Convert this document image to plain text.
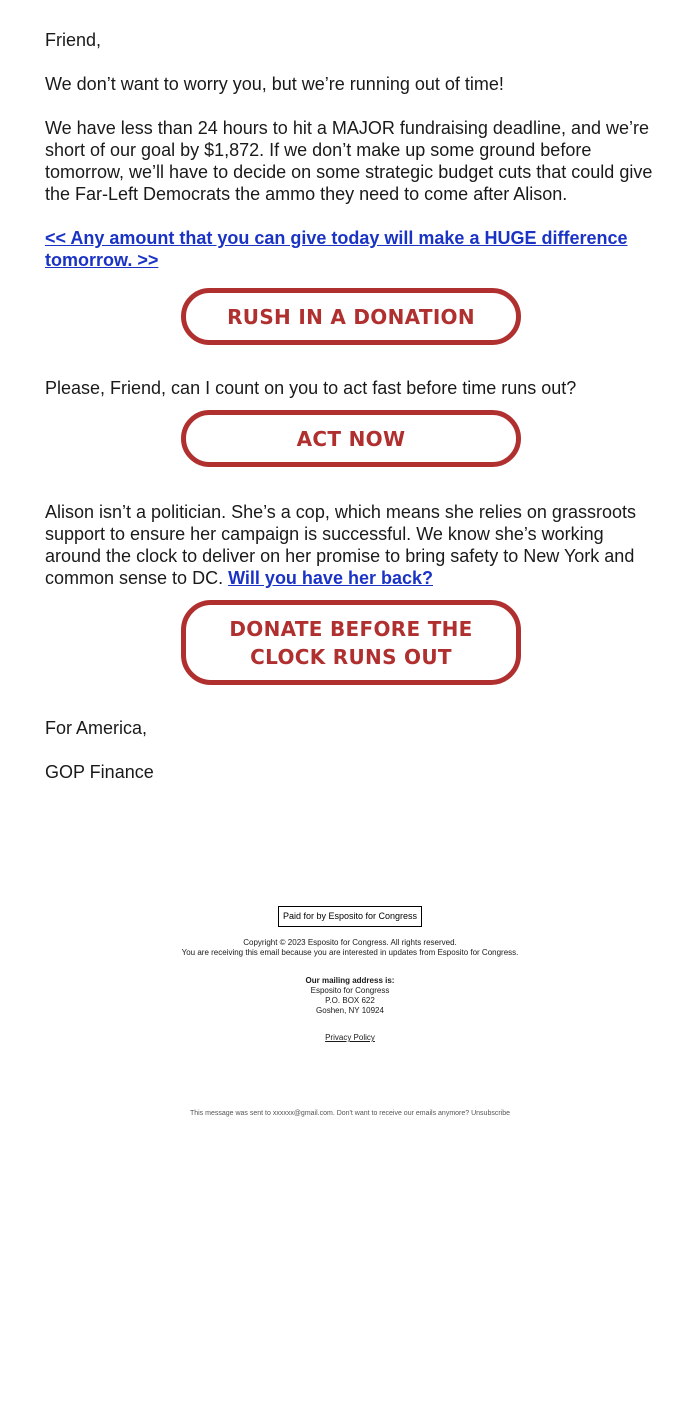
Friend,

We don’t want to worry you, but we’re running out of time!

We have less than 24 hours to hit a MAJOR fundraising deadline, and we’re short of our goal by $1,872. If we don’t make up some ground before tomorrow, we’ll have to decide on some strategic budget cuts that could give the Far-Left Democrats the ammo they need to come after Alison.

<< Any amount that you can give today will make a HUGE difference tomorrow. >>

RUSH IN A DONATION

Please, Friend, can I count on you to act fast before time runs out?

ACT NOW

Alison isn’t a politician. She’s a cop, which means she relies on grassroots support to ensure her campaign is successful. We know she’s working around the clock to deliver on her promise to bring safety to New York and common sense to DC. Will you have her back?

DONATE BEFORE THE CLOCK RUNS OUT

For America,

GOP Finance

Paid for by Esposito for Congress
Copyright © 2023 Esposito for Congress. All rights reserved.
You are receiving this email because you are interested in updates from Esposito for Congress.
Our mailing address is:
Esposito for Congress
P.O. BOX 622
Goshen, NY 10924
Privacy Policy
This message was sent to xxxxxx@gmail.com. Don't want to receive our emails anymore? Unsubscribe
